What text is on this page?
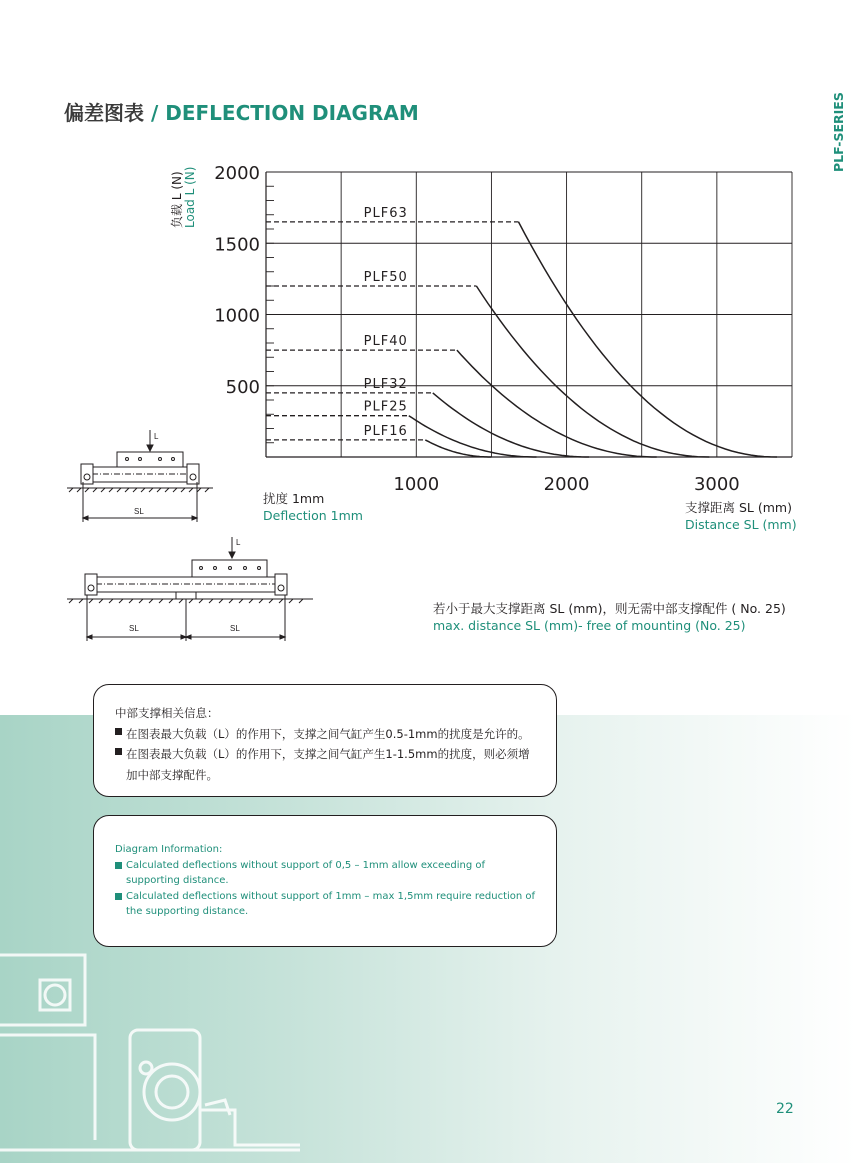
偏差图表 / DEFLECTION DIAGRAM	PLF-SERIES
负载 L (N) Load L (N)
500
1000
1500
2000
1000	2000	3000
PLF63
PLF50
PLF40
PLF32
PLF25
PLF16
扰度 1mm
Deflection 1mm
支撑距离 SL (mm)
Distance SL (mm)
L
SL
L
SL	SL
若小于最大支撑距离 SL (mm)，则无需中部支撑配件 ( No. 25)
max. distance SL (mm)- free of mounting (No. 25)
中部支撑相关信息：
在图表最大负载（L）的作用下，支撑之间气缸产生0.5-1mm的扰度是允许的。
在图表最大负载（L）的作用下，支撑之间气缸产生1-1.5mm的扰度，则必须增加中部支撑配件。
Diagram Information:
Calculated deflections without support of 0,5 – 1mm allow exceeding of supporting distance.
Calculated deflections without support of 1mm – max 1,5mm require reduction of the supporting distance.
22
